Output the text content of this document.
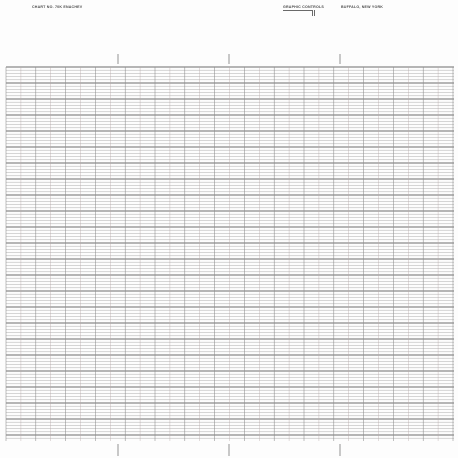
CHART NO. 70K ENACHEV	GRAPHIC CONTROLS	BUFFALO, NEW YORK
